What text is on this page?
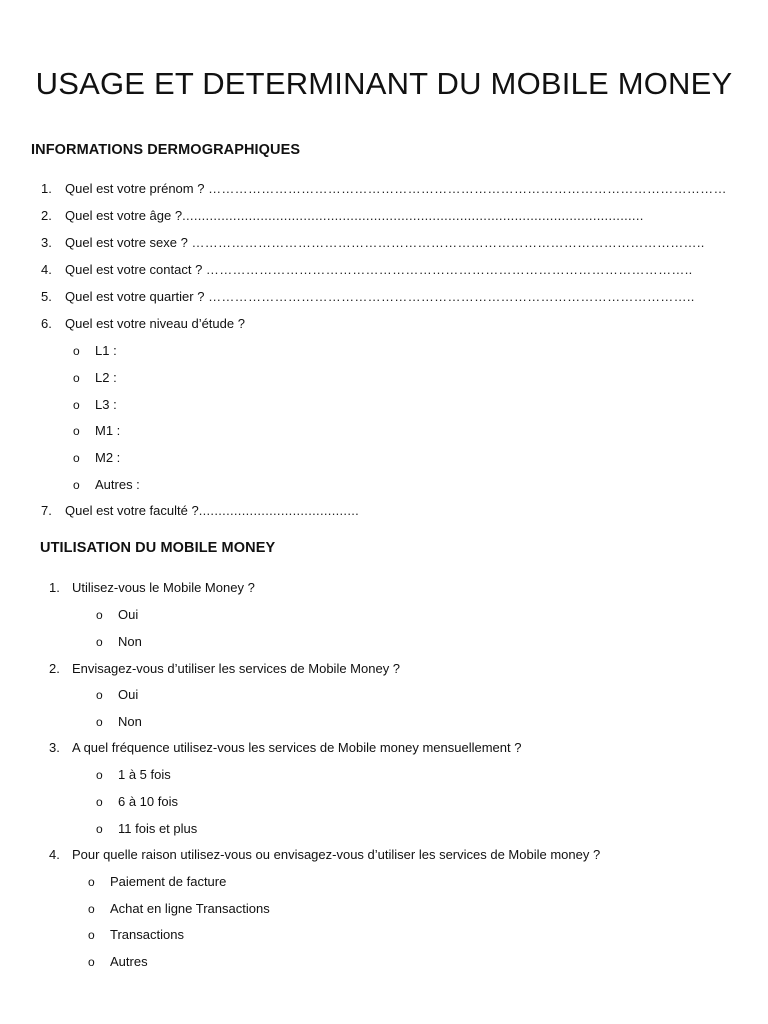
USAGE ET DETERMINANT DU MOBILE MONEY
INFORMATIONS DERMOGRAPHIQUES
1. Quel est votre prénom ? ………………………………………………………………………………………………………
2. Quel est votre âge ?......................................................................................................................
3. Quel est votre sexe ? ……………………………………………………………………………………………………..
4. Quel est votre contact ? ………………………………………………………………………………………………..
5. Quel est votre quartier ? ………………………………………………………………………………………………..
6. Quel est votre niveau d’étude ?
o L1 :
o L2 :
o L3 :
o M1 :
o M2 :
o Autres :
7. Quel est votre faculté ?.........................................
UTILISATION DU MOBILE MONEY
1. Utilisez-vous le Mobile Money ?
o Oui
o Non
2. Envisagez-vous d’utiliser les services de Mobile Money ?
o Oui
o Non
3. A quel fréquence utilisez-vous les services de Mobile money mensuellement ?
o 1 à 5 fois
o 6 à 10 fois
o 11 fois et plus
4. Pour quelle raison utilisez-vous ou envisagez-vous d’utiliser les services de Mobile money ?
o Paiement de facture
o Achat en ligne Transactions
o Transactions
o Autres
